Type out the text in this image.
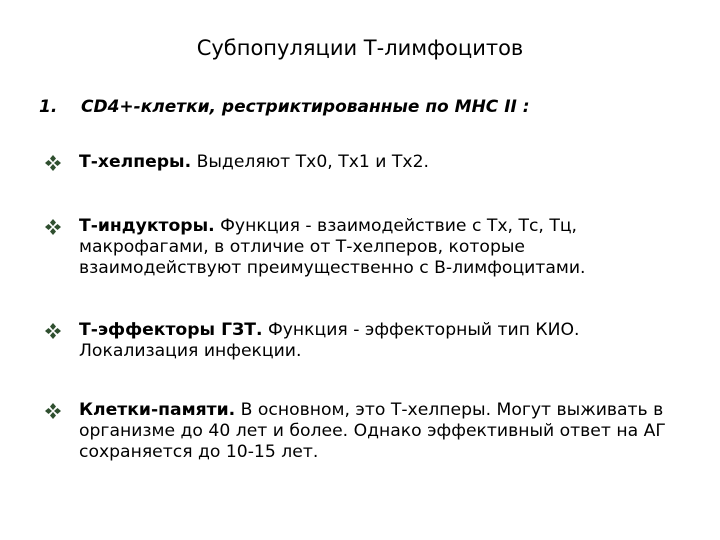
Субпопуляции Т-лимфоцитов
1. CD4+-клетки, рестриктированные по MHC II :
Т-хелперы. Выделяют Тх0, Тх1 и Тх2.
Т-индукторы. Функция - взаимодействие с Тх, Тс, Тц, макрофагами, в отличие от Т-хелперов, которые взаимодействуют преимущественно с В-лимфоцитами.
Т-эффекторы ГЗТ. Функция - эффекторный тип КИО. Локализация инфекции.
Клетки-памяти. В основном, это Т-хелперы. Могут выживать в организме до 40 лет и более. Однако эффективный ответ на АГ сохраняется до 10-15 лет.
